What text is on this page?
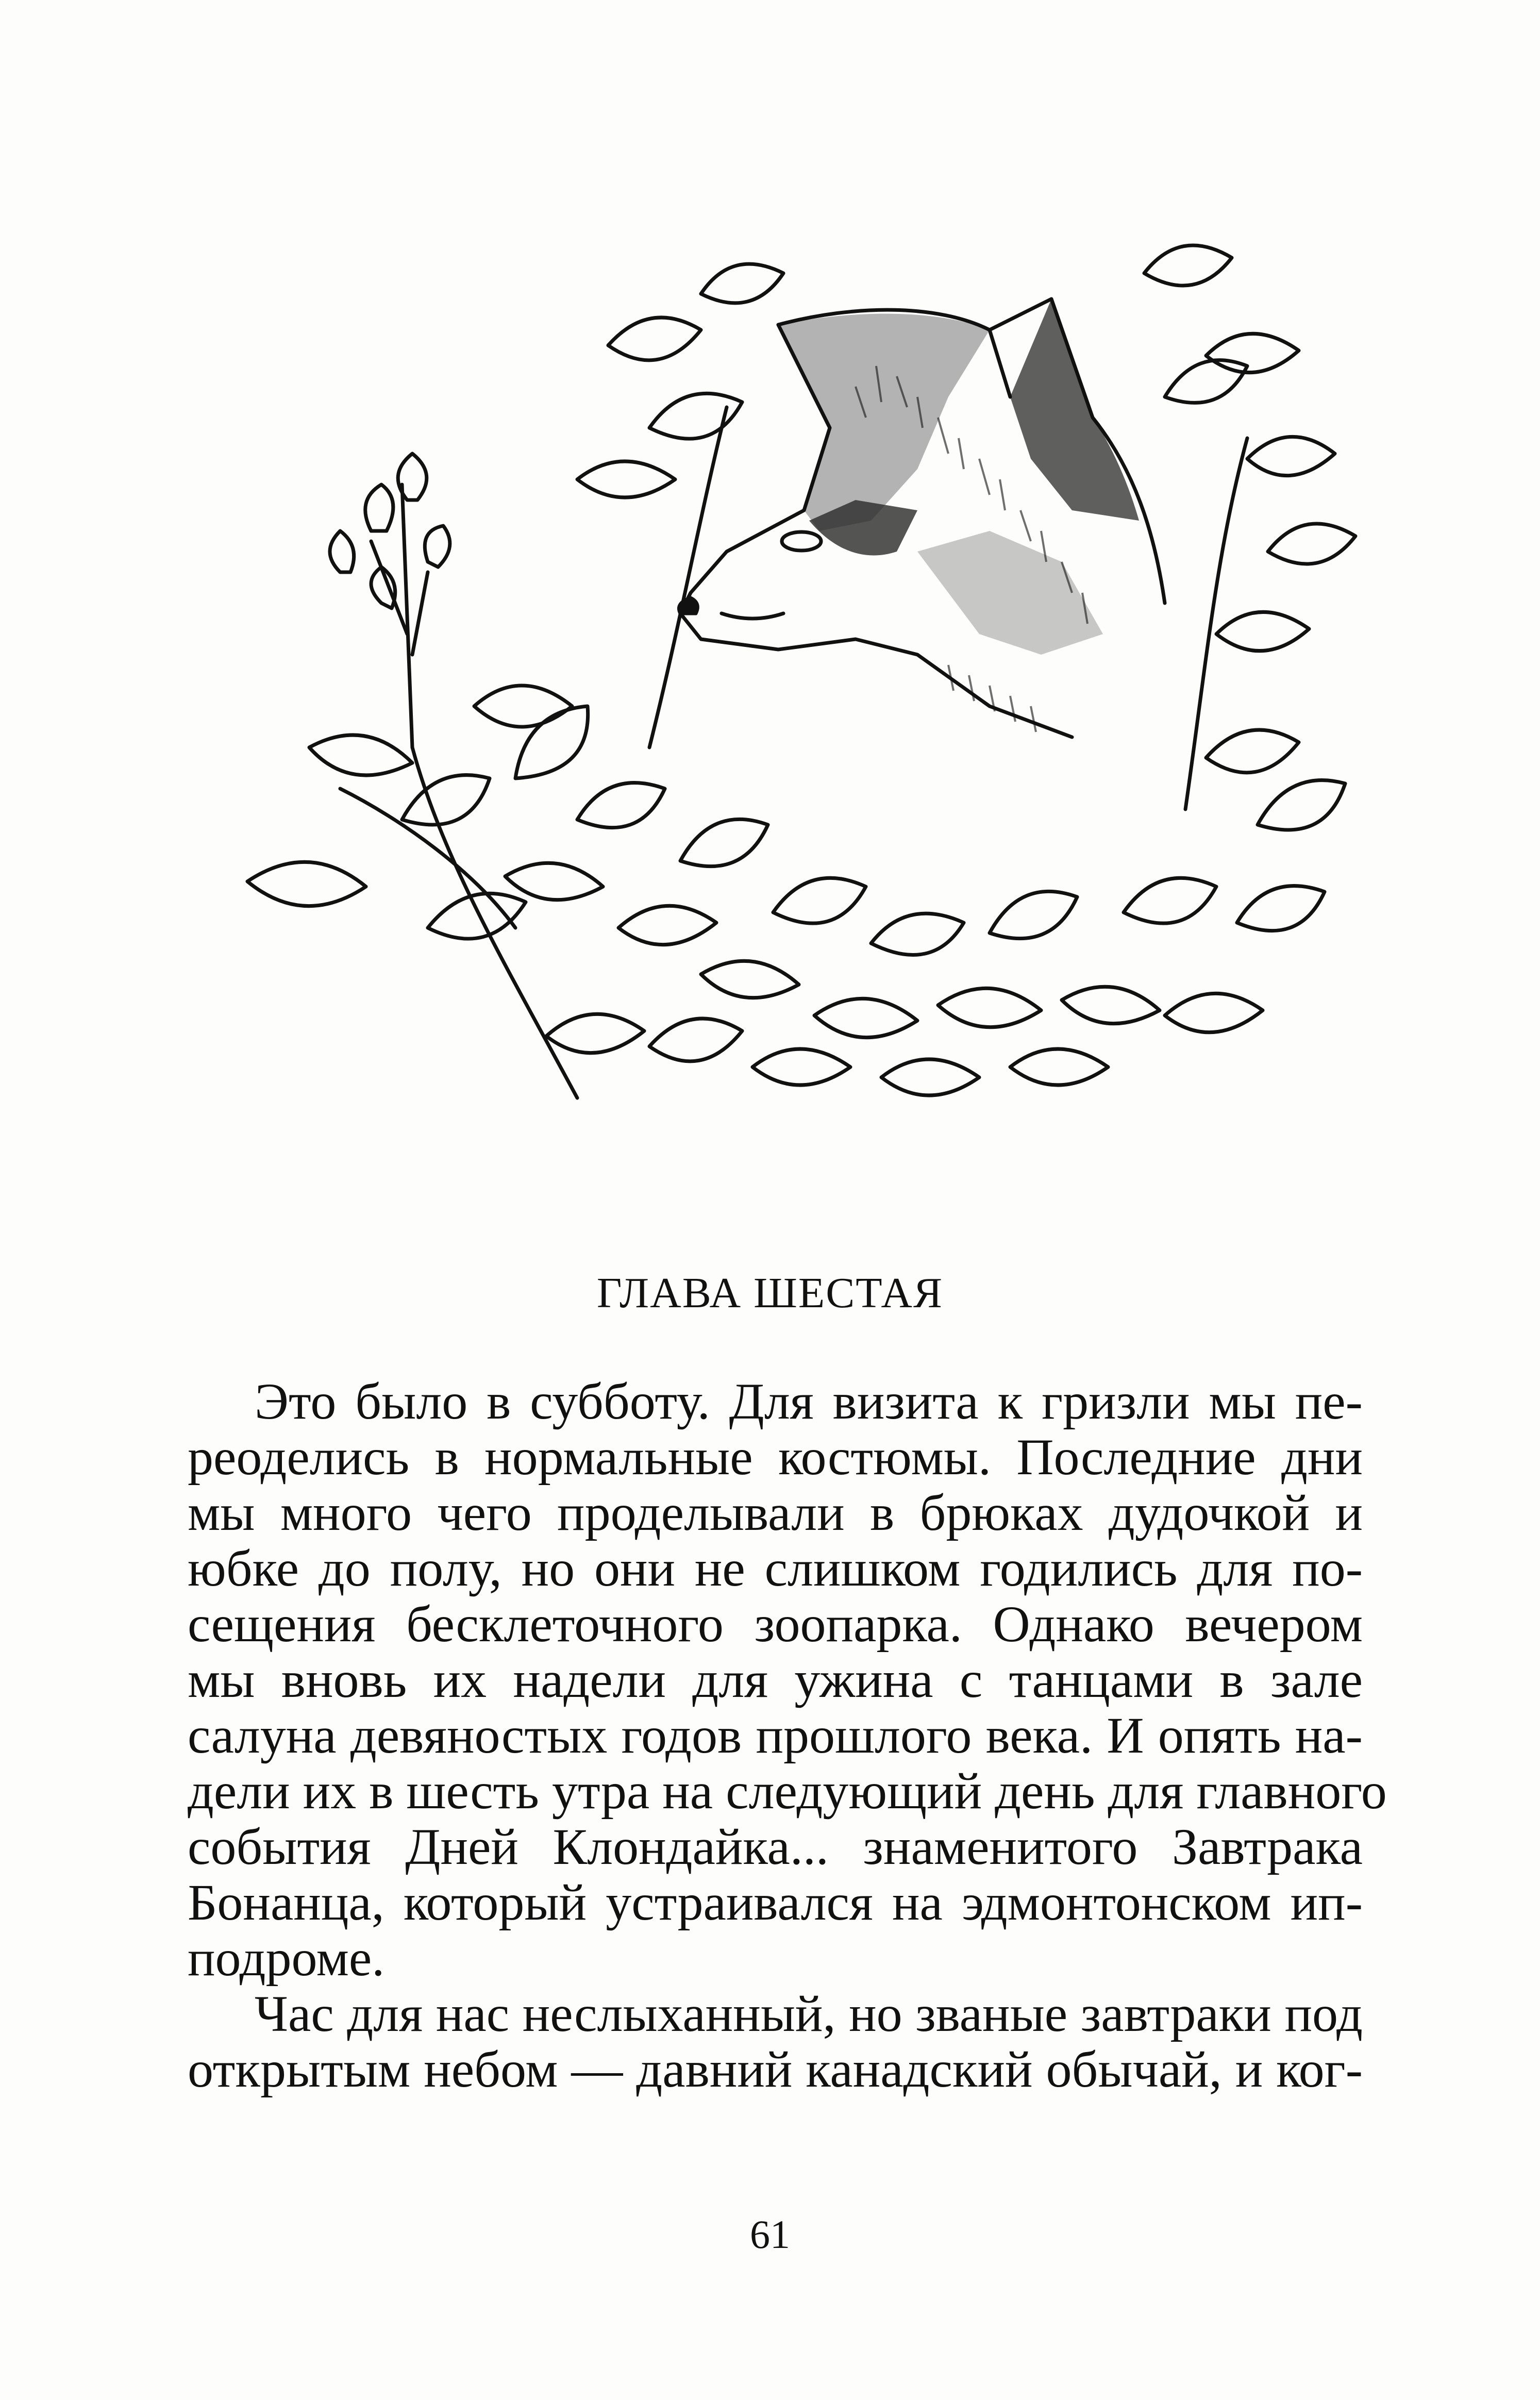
ГЛАВА ШЕСТАЯ
Это было в субботу. Для визита к гризли мы пе-
реоделись в нормальные костюмы. Последние дни
мы много чего проделывали в брюках дудочкой и
юбке до полу, но они не слишком годились для по-
сещения бесклеточного зоопарка. Однако вечером
мы вновь их надели для ужина с танцами в зале
салуна девяностых годов прошлого века. И опять на-
дели их в шесть утра на следующий день для главного
события Дней Клондайка... знаменитого Завтрака
Бонанца, который устраивался на эдмонтонском ип-
подроме.
Час для нас неслыханный, но званые завтраки под
открытым небом — давний канадский обычай, и ког-
61
